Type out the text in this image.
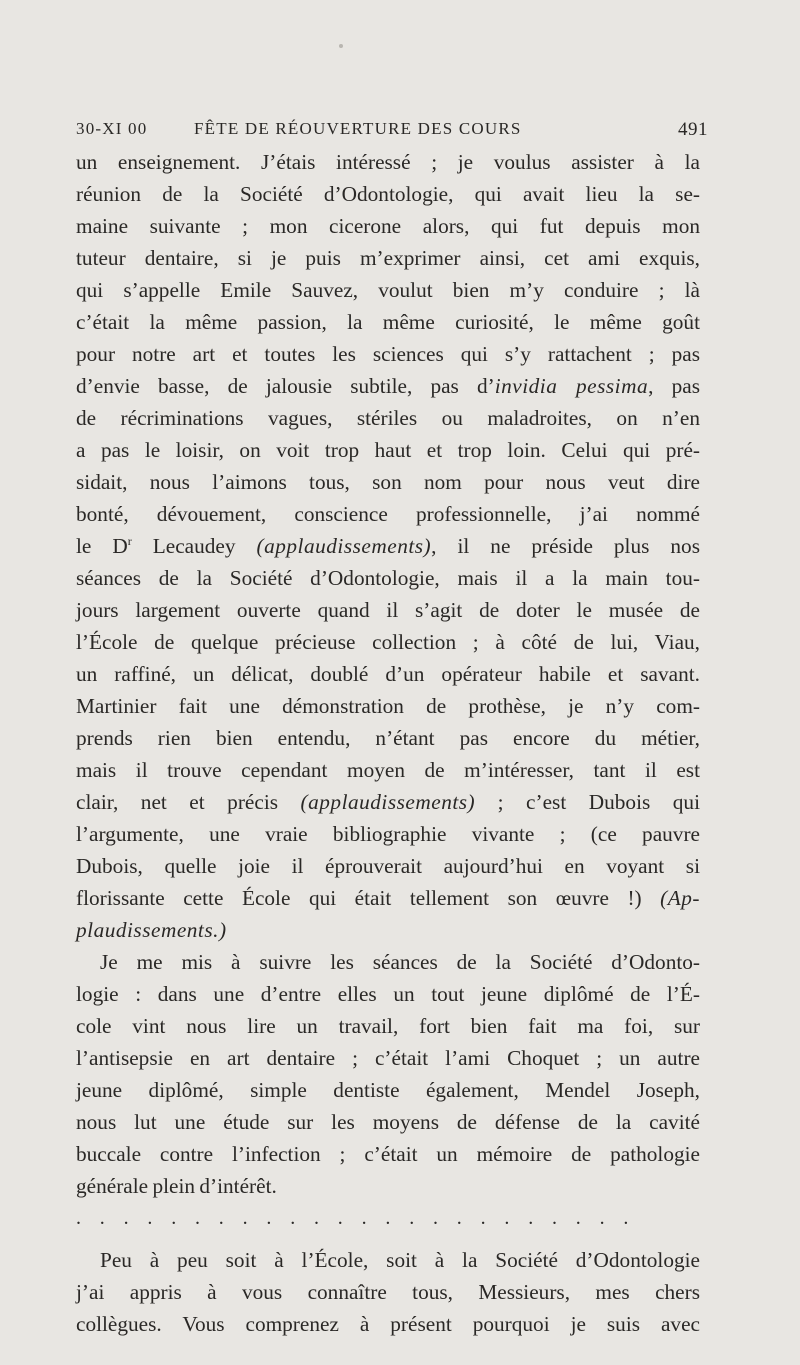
30-XI 00	FÊTE DE RÉOUVERTURE DES COURS	491
un enseignement. J’étais intéressé ; je voulus assister à la
réunion de la Société d’Odontologie, qui avait lieu la se-
maine suivante ; mon cicerone alors, qui fut depuis mon
tuteur dentaire, si je puis m’exprimer ainsi, cet ami exquis,
qui s’appelle Emile Sauvez, voulut bien m’y conduire ; là
c’était la même passion, la même curiosité, le même goût
pour notre art et toutes les sciences qui s’y rattachent ; pas
d’envie basse, de jalousie subtile, pas d’invidia pessima, pas
de récriminations vagues, stériles ou maladroites, on n’en
a pas le loisir, on voit trop haut et trop loin. Celui qui pré-
sidait, nous l’aimons tous, son nom pour nous veut dire
bonté, dévouement, conscience professionnelle, j’ai nommé
le $D^r$ Lecaudey (applaudissements), il ne préside plus nos
séances de la Société d’Odontologie, mais il a la main tou-
jours largement ouverte quand il s’agit de doter le musée de
l’École de quelque précieuse collection ; à côté de lui, Viau,
un raffiné, un délicat, doublé d’un opérateur habile et savant.
Martinier fait une démonstration de prothèse, je n’y com-
prends rien bien entendu, n’étant pas encore du métier,
mais il trouve cependant moyen de m’intéresser, tant il est
clair, net et précis (applaudissements) ; c’est Dubois qui
l’argumente, une vraie bibliographie vivante ; (ce pauvre
Dubois, quelle joie il éprouverait aujourd’hui en voyant si
florissante cette École qui était tellement son œuvre !) (Ap-
plaudissements.)
Je me mis à suivre les séances de la Société d’Odonto-
logie : dans une d’entre elles un tout jeune diplômé de l’É-
cole vint nous lire un travail, fort bien fait ma foi, sur
l’antisepsie en art dentaire ; c’était l’ami Choquet ; un autre
jeune diplômé, simple dentiste également, Mendel Joseph,
nous lut une étude sur les moyens de défense de la cavité
buccale contre l’infection ; c’était un mémoire de pathologie
générale plein d’intérêt.
........................
Peu à peu soit à l’École, soit à la Société d’Odontologie
j’ai appris à vous connaître tous, Messieurs, mes chers
collègues. Vous comprenez à présent pourquoi je suis avec
